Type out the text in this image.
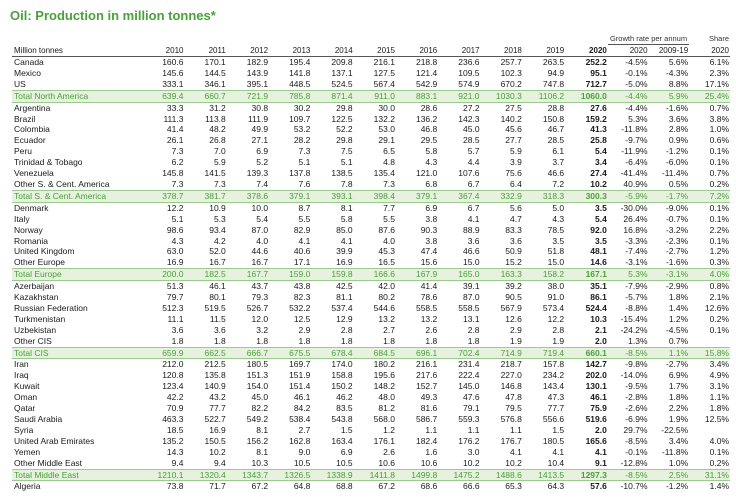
Oil: Production in million tonnes*
												Growth rate per annum		Share
Million tonnes	2010	2011	2012	2013	2014	2015	2016	2017	2018	2019	2020	2020	2009-19	2020
Canada	160.6	170.1	182.9	195.4	209.8	216.1	218.8	236.6	257.7	263.5	252.2	-4.5%	5.6%	6.1%
Mexico	145.6	144.5	143.9	141.8	137.1	127.5	121.4	109.5	102.3	94.9	95.1	-0.1%	-4.3%	2.3%
US	333.1	346.1	395.1	448.5	524.5	567.4	542.9	574.9	670.2	747.8	712.7	-5.0%	8.8%	17.1%
Total North America	639.4	660.7	721.9	785.8	871.4	911.0	883.1	921.0	1030.3	1106.2	1060.0	-4.4%	5.9%	25.4%
Argentina	33.3	31.2	30.8	30.2	29.8	30.0	28.6	27.2	27.5	28.8	27.6	-4.4%	-1.6%	0.7%
Brazil	111.3	113.8	111.9	109.7	122.5	132.2	136.2	142.3	140.2	150.8	159.2	5.3%	3.6%	3.8%
Colombia	41.4	48.2	49.9	53.2	52.2	53.0	46.8	45.0	45.6	46.7	41.3	-11.8%	2.8%	1.0%
Ecuador	26.1	26.8	27.1	28.2	29.8	29.1	29.5	28.5	27.7	28.5	25.8	-9.7%	0.9%	0.6%
Peru	7.3	7.0	6.9	7.3	7.5	6.5	5.8	5.7	5.9	6.1	5.4	-11.9%	-1.2%	0.1%
Trinidad & Tobago	6.2	5.9	5.2	5.1	5.1	4.8	4.3	4.4	3.9	3.7	3.4	-6.4%	-6.0%	0.1%
Venezuela	145.8	141.5	139.3	137.8	138.5	135.4	121.0	107.6	75.6	46.6	27.4	-41.4%	-11.4%	0.7%
Other S. & Cent. America	7.3	7.3	7.4	7.6	7.8	7.3	6.8	6.7	6.4	7.2	10.2	40.9%	0.5%	0.2%
Total S. & Cent. America	378.7	381.7	378.6	379.1	393.1	398.4	379.1	367.4	332.9	318.3	300.3	-5.9%	-1.7%	7.2%
Denmark	12.2	10.9	10.0	8.7	8.1	7.7	6.9	6.7	5.6	5.0	3.5	-30.0%	-9.0%	0.1%
Italy	5.1	5.3	5.4	5.5	5.8	5.5	3.8	4.1	4.7	4.3	5.4	26.4%	-0.7%	0.1%
Norway	98.6	93.4	87.0	82.9	85.0	87.6	90.3	88.9	83.3	78.5	92.0	16.8%	-3.2%	2.2%
Romania	4.3	4.2	4.0	4.1	4.1	4.0	3.8	3.6	3.6	3.5	3.5	-3.3%	-2.3%	0.1%
United Kingdom	63.0	52.0	44.6	40.6	39.9	45.3	47.4	46.6	50.9	51.8	48.1	-7.4%	-2.7%	1.2%
Other Europe	16.9	16.7	16.7	17.1	16.9	16.5	15.6	15.0	15.2	15.0	14.6	-3.1%	-1.6%	0.3%
Total Europe	200.0	182.5	167.7	159.0	159.8	166.6	167.9	165.0	163.3	158.2	167.1	5.3%	-3.1%	4.0%
Azerbaijan	51.3	46.1	43.7	43.8	42.5	42.0	41.4	39.1	39.2	38.0	35.1	-7.9%	-2.9%	0.8%
Kazakhstan	79.7	80.1	79.3	82.3	81.1	80.2	78.6	87.0	90.5	91.0	86.1	-5.7%	1.8%	2.1%
Russian Federation	512.3	519.5	526.7	532.2	537.4	544.6	558.5	558.5	567.9	573.4	524.4	-8.8%	1.4%	12.6%
Turkmenistan	11.1	11.5	12.0	12.5	12.9	13.2	13.2	13.1	12.6	12.2	10.3	-15.4%	1.2%	0.2%
Uzbekistan	3.6	3.6	3.2	2.9	2.8	2.7	2.6	2.8	2.9	2.8	2.1	-24.2%	-4.5%	0.1%
Other CIS	1.8	1.8	1.8	1.8	1.8	1.8	1.8	1.8	1.9	1.9	2.0	1.3%	0.7%	
Total CIS	659.9	662.5	666.7	675.5	678.4	684.5	696.1	702.4	714.9	719.4	660.1	-8.5%	1.1%	15.8%
Iran	212.0	212.5	180.5	169.7	174.0	180.2	216.1	231.4	218.7	157.8	142.7	-9.8%	-2.7%	3.4%
Iraq	120.8	135.8	151.3	151.9	158.8	195.6	217.6	222.4	227.0	234.2	202.0	-14.0%	6.9%	4.9%
Kuwait	123.4	140.9	154.0	151.4	150.2	148.2	152.7	145.0	146.8	143.4	130.1	-9.5%	1.7%	3.1%
Oman	42.2	43.2	45.0	46.1	46.2	48.0	49.3	47.6	47.8	47.3	46.1	-2.8%	1.8%	1.1%
Qatar	70.9	77.7	82.2	84.2	83.5	81.2	81.6	79.1	79.5	77.7	75.9	-2.6%	2.2%	1.8%
Saudi Arabia	463.3	522.7	549.2	538.4	543.8	568.0	586.7	559.3	576.8	556.6	519.6	-6.9%	1.9%	12.5%
Syria	18.5	16.9	8.1	2.7	1.5	1.2	1.1	1.1	1.1	1.5	2.0	29.7%	-22.5%	
United Arab Emirates	135.2	150.5	156.2	162.8	163.4	176.1	182.4	176.2	176.7	180.5	165.6	-8.5%	3.4%	4.0%
Yemen	14.3	10.2	8.1	9.0	6.9	2.6	1.6	3.0	4.1	4.1	4.1	-0.1%	-11.8%	0.1%
Other Middle East	9.4	9.4	10.3	10.5	10.5	10.6	10.6	10.2	10.2	10.4	9.1	-12.8%	1.0%	0.2%
Total Middle East	1210.1	1320.4	1343.7	1326.5	1338.9	1411.8	1499.8	1475.2	1488.6	1413.5	1297.3	-8.5%	2.5%	31.1%
Algeria	73.8	71.7	67.2	64.8	68.8	67.2	68.6	66.6	65.3	64.3	57.6	-10.7%	-1.2%	1.4%
